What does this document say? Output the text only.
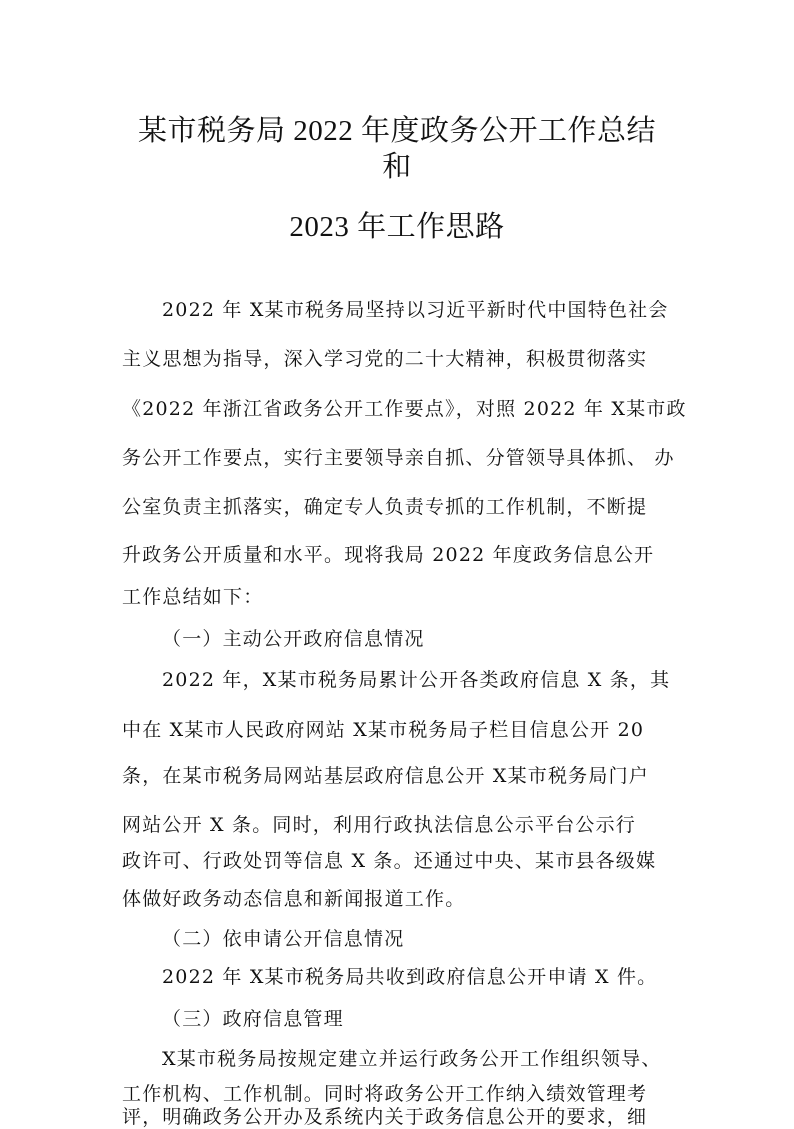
某市税务局 2022 年度政务公开工作总结
和
2023 年工作思路
2022 年 X某市税务局坚持以习近平新时代中国特色社会
主义思想为指导，深入学习党的二十大精神，积极贯彻落实
《2022 年浙江省政务公开工作要点》，对照 2022 年 X某市政
务公开工作要点，实行主要领导亲自抓、分管领导具体抓、 办
公室负责主抓落实，确定专人负责专抓的工作机制，不断提
升政务公开质量和水平。现将我局 2022 年度政务信息公开
工作总结如下：
（一）主动公开政府信息情况
2022 年，X某市税务局累计公开各类政府信息 X 条，其
中在 X某市人民政府网站 X某市税务局子栏目信息公开 20
条，在某市税务局网站基层政府信息公开 X某市税务局门户
网站公开 X 条。同时，利用行政执法信息公示平台公示行
政许可、行政处罚等信息 X 条。还通过中央、某市县各级媒
体做好政务动态信息和新闻报道工作。
（二）依申请公开信息情况
2022 年 X某市税务局共收到政府信息公开申请 X 件。
（三）政府信息管理
X某市税务局按规定建立并运行政务公开工作组织领导、
工作机构、工作机制。同时将政务公开工作纳入绩效管理考
评，明确政务公开办及系统内关于政务信息公开的要求，细
